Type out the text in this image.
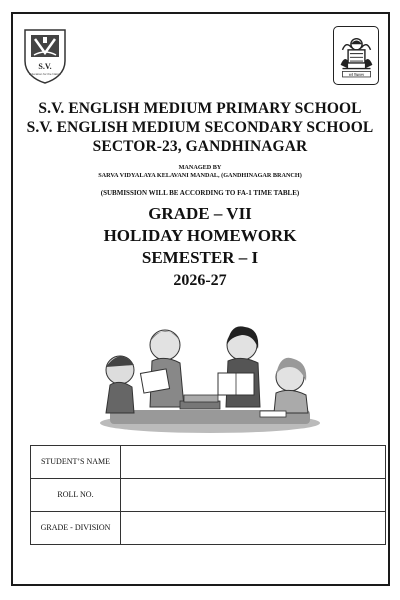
S.V.
Education for the Nation	सर्व विद्यालय
S.V. ENGLISH MEDIUM PRIMARY SCHOOL
S.V. ENGLISH MEDIUM SECONDARY SCHOOL
SECTOR-23, GANDHINAGAR
MANAGED BY
SARVA VIDYALAYA KELAVANI MANDAL, (GANDHINAGAR BRANCH)
(SUBMISSION WILL BE ACCORDING TO FA-1 TIME TABLE)
GRADE – VII
HOLIDAY HOMEWORK
SEMESTER – I
2026-27
STUDENT’S NAME	
ROLL NO.	
GRADE - DIVISION	
